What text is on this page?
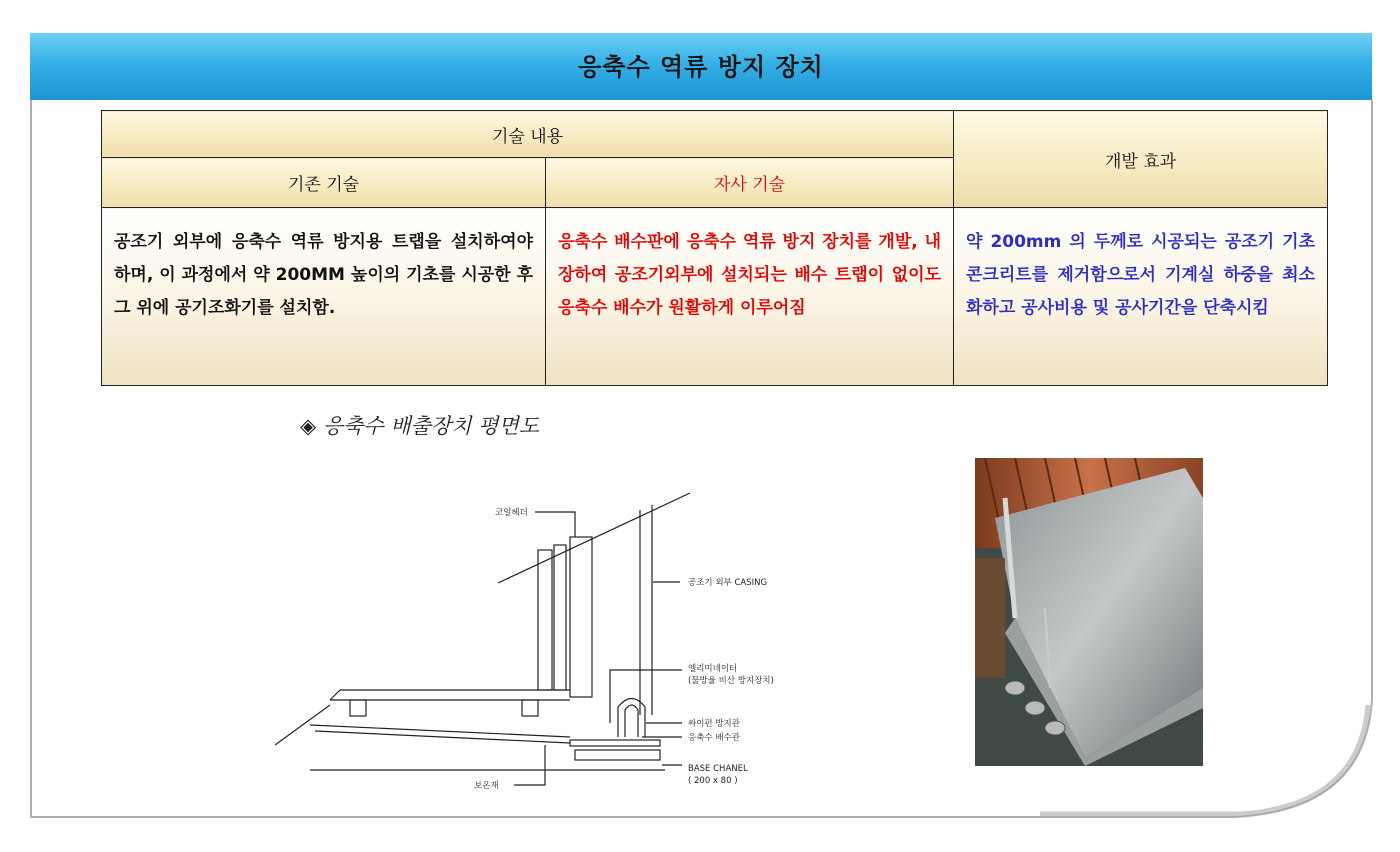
응축수 역류 방지 장치
기술 내용		개발 효과
기존 기술	자사 기술	
공조기 외부에 응축수 역류 방지용 트랩을 설치하여야 하며, 이 과정에서 약 200MM 높이의 기초를 시공한 후 그 위에 공기조화기를 설치함.	응축수 배수판에 응축수 역류 방지 장치를 개발, 내장하여 공조기외부에 설치되는 배수 트랩이 없이도 응축수 배수가 원활하게 이루어짐	약 200mm 의 두께로 시공되는 공조기 기초 콘크리트를 제거함으로서 기계실 하중을 최소화하고 공사비용 및 공사기간을 단축시킴
◈ 응축수 배출장치 평면도
코일헤더
공조기 외부 CASING
엘리미네이터
(물방울 비산 방지장치)
싸이펀 방지관
응축수 배수관
BASE CHANEL
( 200 x 80 )
보온재
